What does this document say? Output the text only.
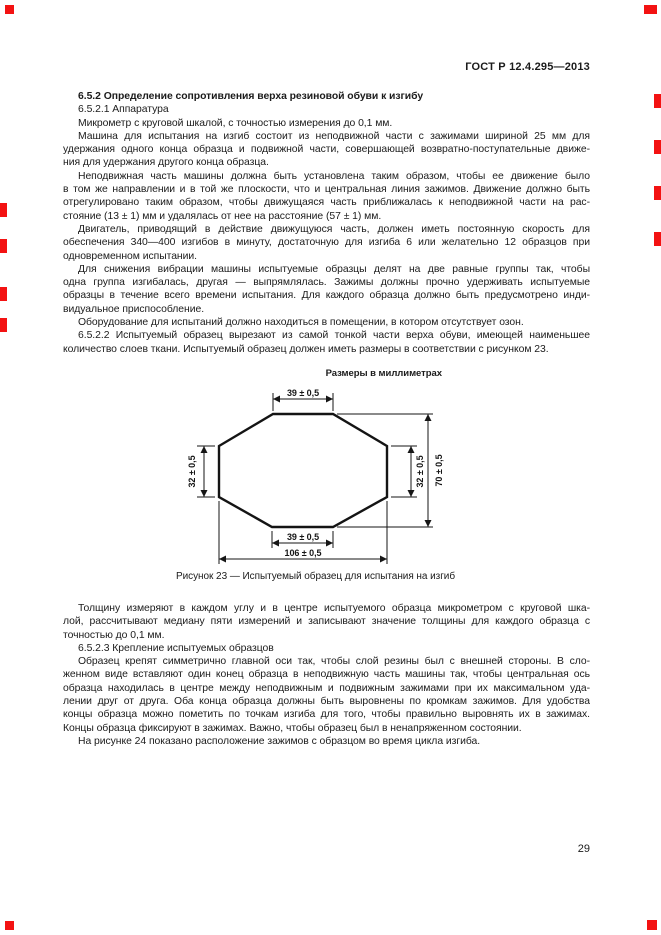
ГОСТ Р 12.4.295—2013
6.5.2 Определение сопротивления верха резиновой обуви к изгибу
6.5.2.1 Аппаратура
Микрометр с круговой шкалой, с точностью измерения до 0,1 мм.
Машина для испытания на изгиб состоит из неподвижной части с зажимами шириной 25 мм для
удержания одного конца образца и подвижной части, совершающей возвратно-поступательные движе-
ния для удержания другого конца образца.
Неподвижная часть машины должна быть установлена таким образом, чтобы ее движение было
в том же направлении и в той же плоскости, что и центральная линия зажимов. Движение должно быть
отрегулировано таким образом, чтобы движущаяся часть приближалась к неподвижной части на рас-
стояние (13 ± 1) мм и удалялась от нее на расстояние (57 ± 1) мм.
Двигатель, приводящий в действие движущуюся часть, должен иметь постоянную скорость для
обеспечения 340—400 изгибов в минуту, достаточную для изгиба 6 или желательно 12 образцов при
одновременном испытании.
Для снижения вибрации машины испытуемые образцы делят на две равные группы так, чтобы
одна группа изгибалась, другая — выпрямлялась. Зажимы должны прочно удерживать испытуемые
образцы в течение всего времени испытания. Для каждого образца должно быть предусмотрено инди-
видуальное приспособление.
Оборудование для испытаний должно находиться в помещении, в котором отсутствует озон.
6.5.2.2 Испытуемый образец вырезают из самой тонкой части верха обуви, имеющей наименьшее
количество слоев ткани. Испытуемый образец должен иметь размеры в соответствии с рисунком 23.
Размеры в миллиметрах
39 ± 0,5
32 ± 0,5	32 ± 0,5 70 ± 0,5
39 ± 0,5
106 ± 0,5
Рисунок 23 — Испытуемый образец для испытания на изгиб
Толщину измеряют в каждом углу и в центре испытуемого образца микрометром с круговой шка-
лой, рассчитывают медиану пяти измерений и записывают значение толщины для каждого образца с
точностью до 0,1 мм.
6.5.2.3 Крепление испытуемых образцов
Образец крепят симметрично главной оси так, чтобы слой резины был с внешней стороны. В сло-
женном виде вставляют один конец образца в неподвижную часть машины так, чтобы центральная ось
образца находилась в центре между неподвижным и подвижным зажимами при их максимальном уда-
лении друг от друга. Оба конца образца должны быть выровнены по кромкам зажимов. Для удобства
концы образца можно пометить по точкам изгиба для того, чтобы правильно выровнять их в зажимах.
Концы образца фиксируют в зажимах. Важно, чтобы образец был в ненапряженном состоянии.
На рисунке 24 показано расположение зажимов с образцом во время цикла изгиба.
29
